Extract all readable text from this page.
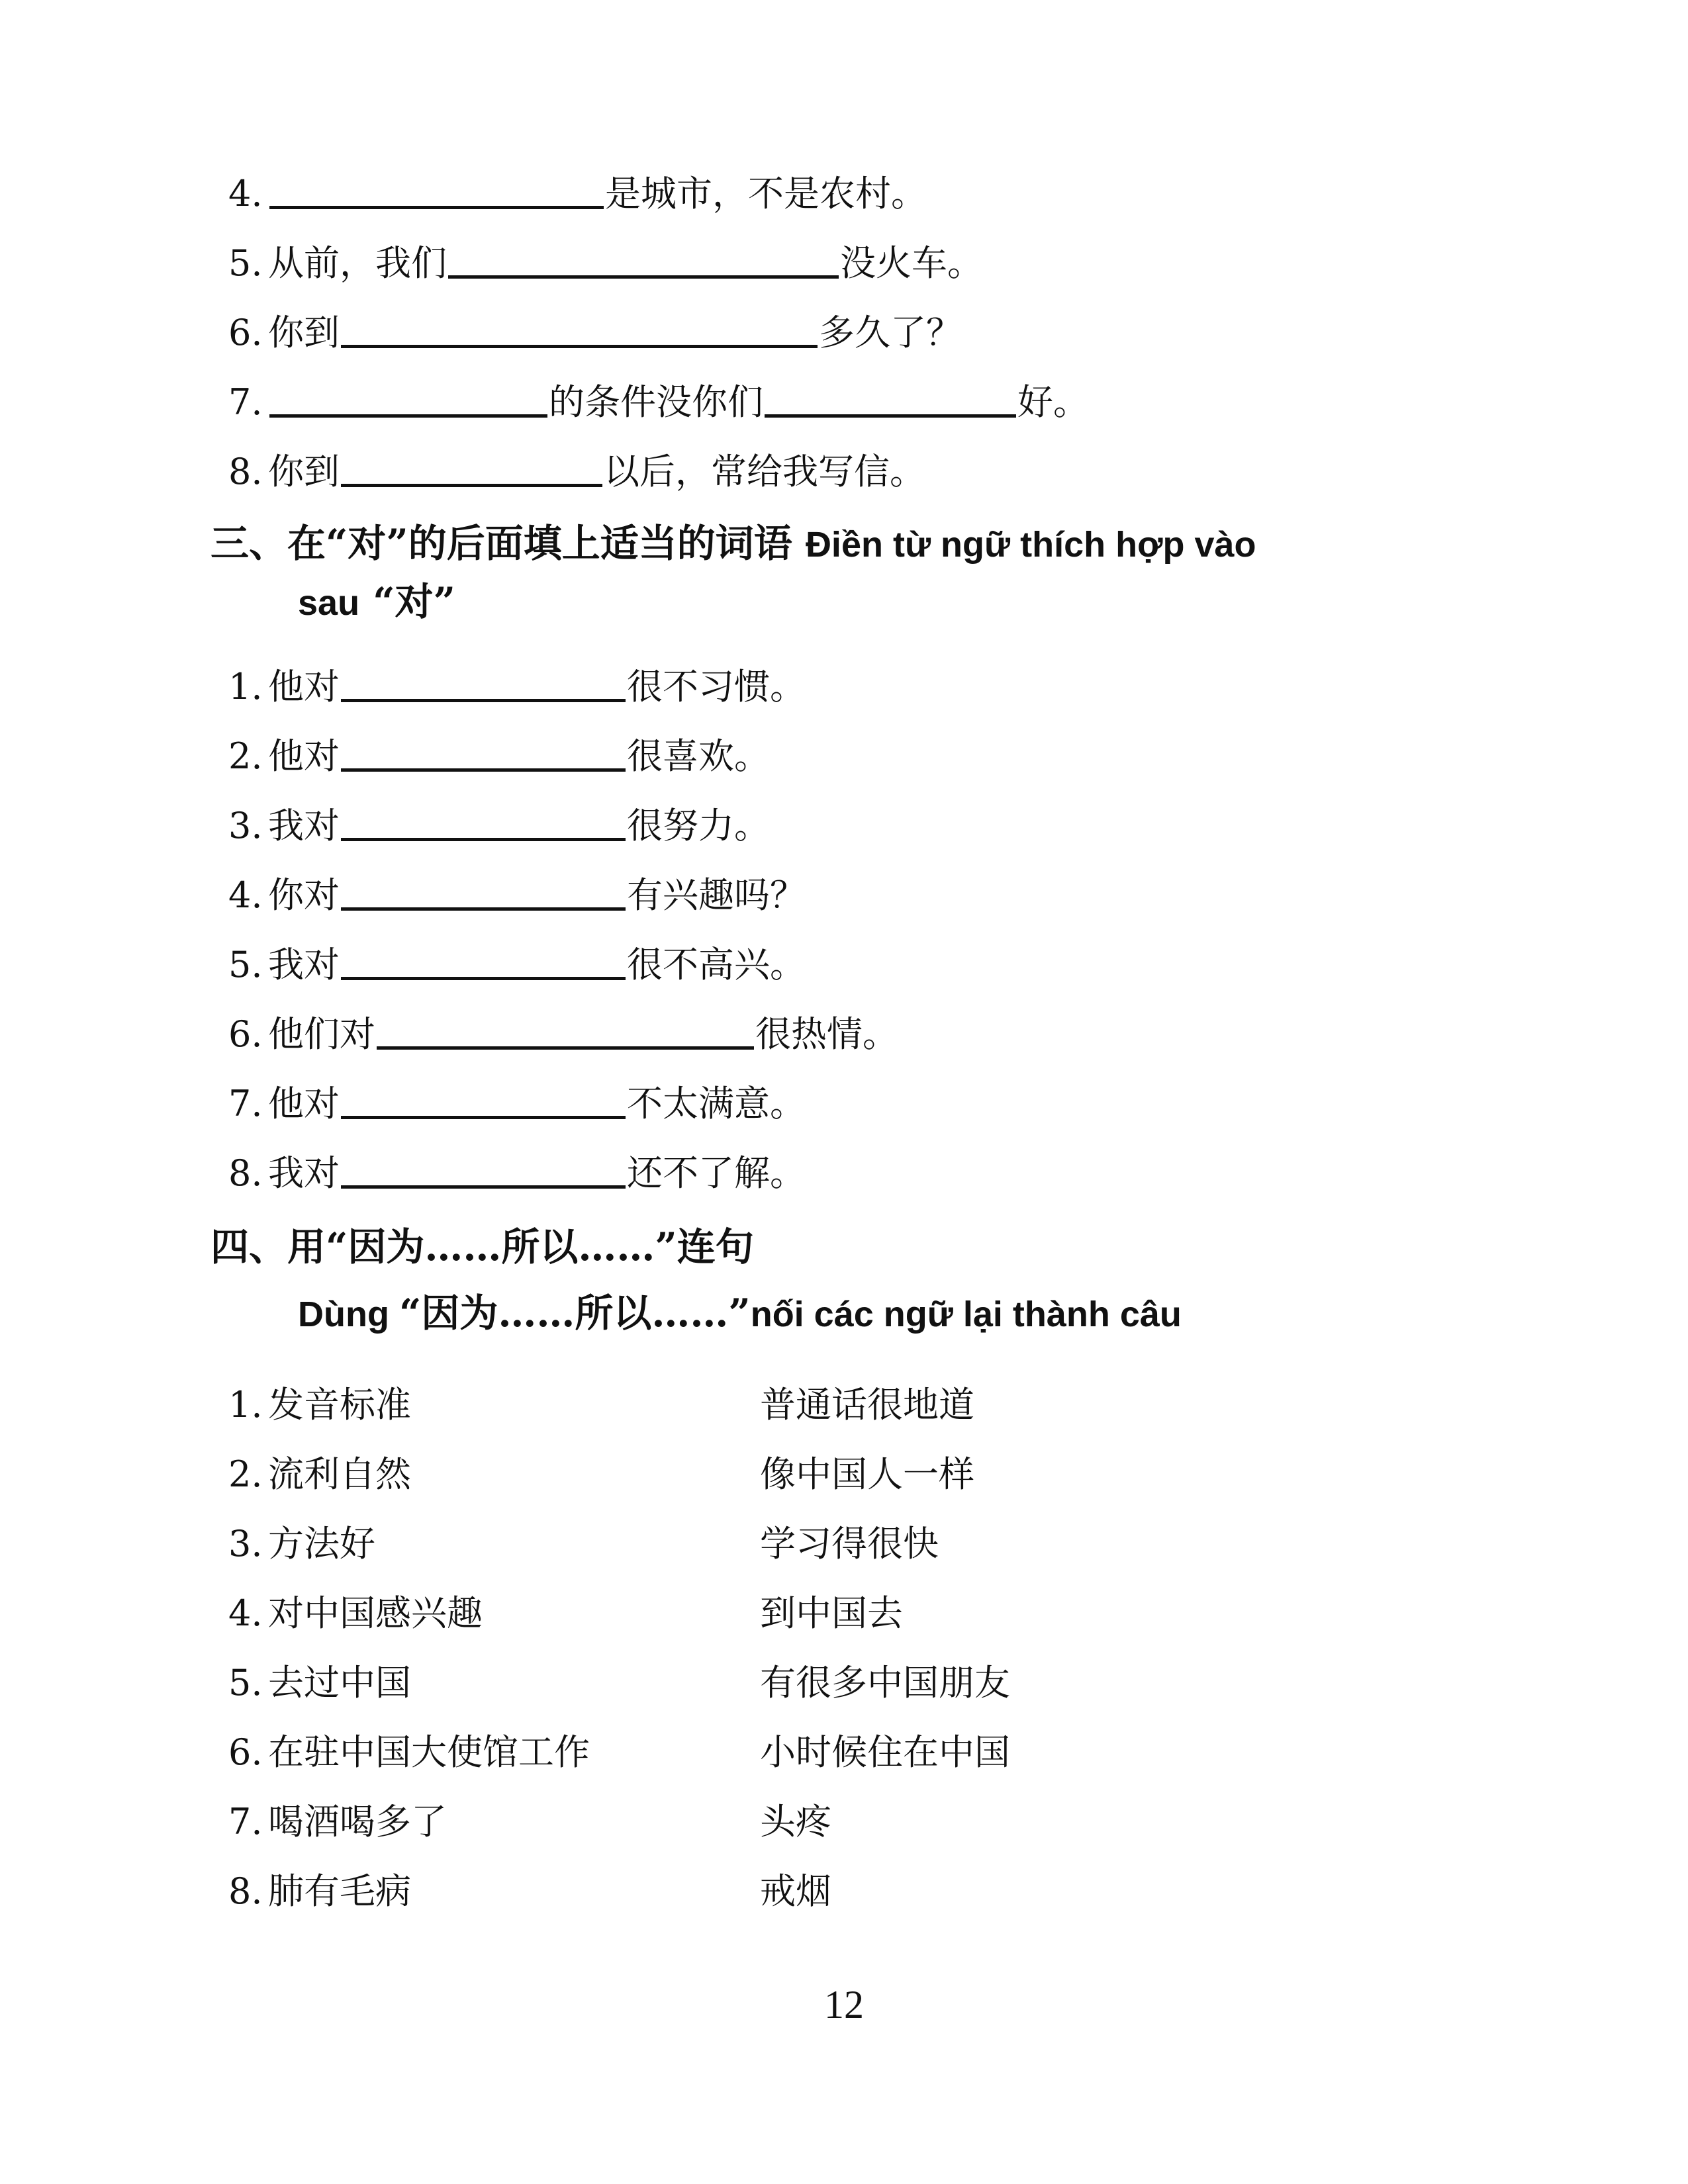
4.	是城市，不是农村。
5. 从前，我们	没火车。
6. 你到	多久了？
7.	的条件没你们	好。
8. 你到	以后，常给我写信。
三、在“对”的后面填上适当的词语 Điền từ ngữ thích hợp vào
sau “对”
1. 他对	很不习惯。
2. 他对	很喜欢。
3. 我对	很努力。
4. 你对	有兴趣吗？
5. 我对	很不高兴。
6. 他们对	很热情。
7. 他对	不太满意。
8. 我对	还不了解。
四、用“因为……所以……”连句
Dùng “因为……所以……”nối các ngữ lại thành câu
1. 发音标准	普通话很地道
2. 流利自然	像中国人一样
3. 方法好	学习得很快
4. 对中国感兴趣	到中国去
5. 去过中国	有很多中国朋友
6. 在驻中国大使馆工作	小时候住在中国
7. 喝酒喝多了	头疼
8. 肺有毛病	戒烟
12
